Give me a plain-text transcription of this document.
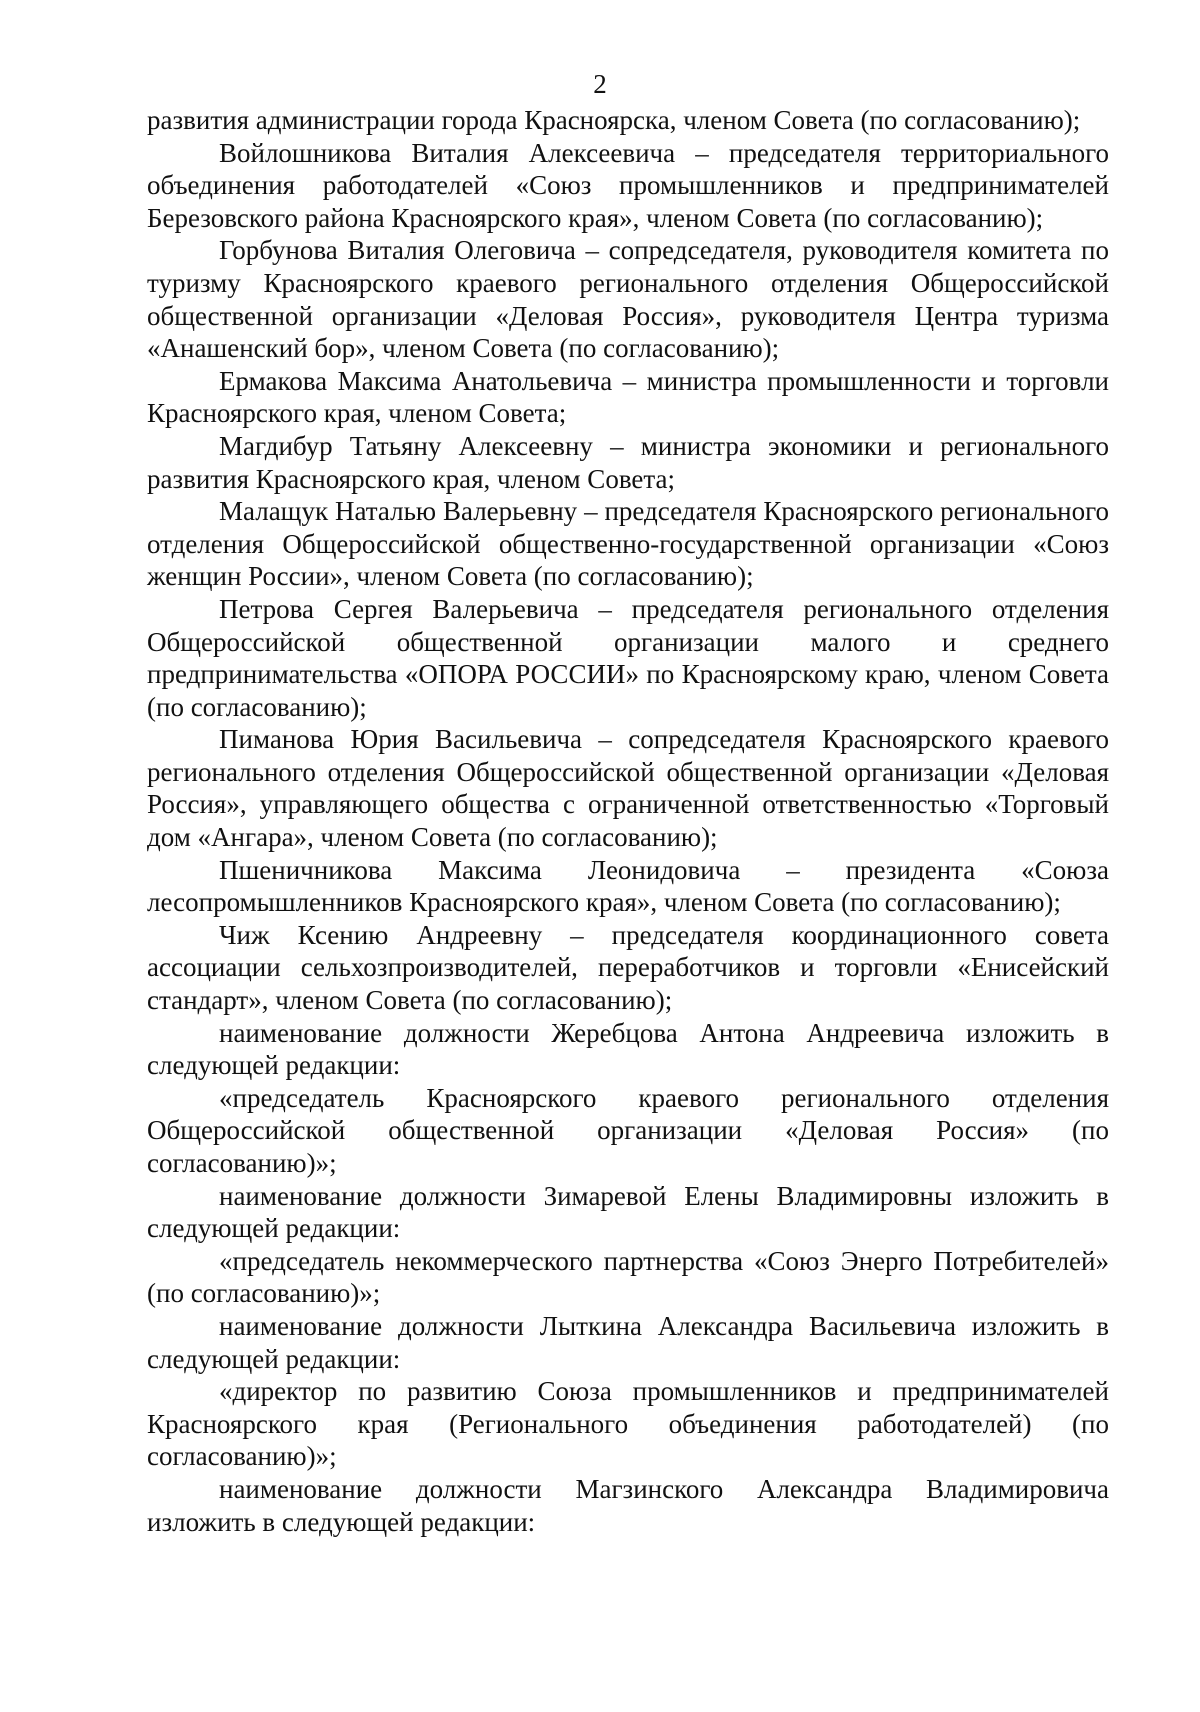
2

развития администрации города Красноярска, членом Совета (по согласованию);

Войлошникова Виталия Алексеевича – председателя территориального объединения работодателей «Союз промышленников и предпринимателей Березовского района Красноярского края», членом Совета (по согласованию);

Горбунова Виталия Олеговича – сопредседателя, руководителя комитета по туризму Красноярского краевого регионального отделения Общероссийской общественной организации «Деловая Россия», руководителя Центра туризма «Анашенский бор», членом Совета (по согласованию);

Ермакова Максима Анатольевича – министра промышленности и торговли Красноярского края, членом Совета;

Магдибур Татьяну Алексеевну – министра экономики и регионального развития Красноярского края, членом Совета;

Малащук Наталью Валерьевну – председателя Красноярского регионального отделения Общероссийской общественно-государственной организации «Союз женщин России», членом Совета (по согласованию);

Петрова Сергея Валерьевича – председателя регионального отделения Общероссийской общественной организации малого и среднего предпринимательства «ОПОРА РОССИИ» по Красноярскому краю, членом Совета (по согласованию);

Пиманова Юрия Васильевича – сопредседателя Красноярского краевого регионального отделения Общероссийской общественной организации «Деловая Россия», управляющего общества с ограниченной ответственностью «Торговый дом «Ангара», членом Совета (по согласованию);

Пшеничникова Максима Леонидовича – президента «Союза лесопромышленников Красноярского края», членом Совета (по согласованию);

Чиж Ксению Андреевну – председателя координационного совета ассоциации сельхозпроизводителей, переработчиков и торговли «Енисейский стандарт», членом Совета (по согласованию);

наименование должности Жеребцова Антона Андреевича изложить в следующей редакции:

«председатель Красноярского краевого регионального отделения Общероссийской общественной организации «Деловая Россия» (по согласованию)»;

наименование должности Зимаревой Елены Владимировны изложить в следующей редакции:

«председатель некоммерческого партнерства «Союз Энерго Потребителей» (по согласованию)»;

наименование должности Лыткина Александра Васильевича изложить в следующей редакции:

«директор по развитию Союза промышленников и предпринимателей Красноярского края (Регионального объединения работодателей) (по согласованию)»;

наименование должности Магзинского Александра Владимировича изложить в следующей редакции:
